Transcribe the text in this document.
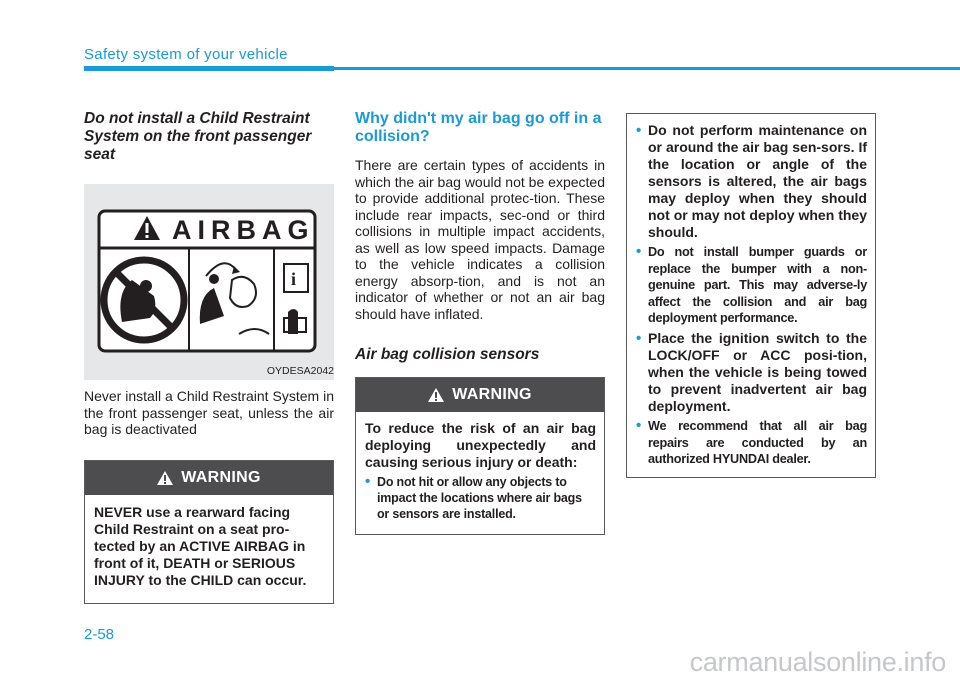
Safety system of your vehicle

Do not install a Child Restraint System on the front passenger seat

AIRBAG
i
OYDESA2042

Never install a Child Restraint System in the front passenger seat, unless the air bag is deactivated

WARNING
NEVER use a rearward facing Child Restraint on a seat pro-tected by an ACTIVE AIRBAG in front of it, DEATH or SERIOUS INJURY to the CHILD can occur.

Why didn't my air bag go off in a collision?

There are certain types of accidents in which the air bag would not be expected to provide additional protec-tion. These include rear impacts, sec-ond or third collisions in multiple impact accidents, as well as low speed impacts. Damage to the vehicle indicates a collision energy absorp-tion, and is not an indicator of whether or not an air bag should have inflated.

Air bag collision sensors

WARNING
To reduce the risk of an air bag deploying unexpectedly and causing serious injury or death:
• Do not hit or allow any objects to impact the locations where air bags or sensors are installed.
• Do not perform maintenance on or around the air bag sen-sors. If the location or angle of the sensors is altered, the air bags may deploy when they should not or may not deploy when they should.
• Do not install bumper guards or replace the bumper with a non-genuine part. This may adverse-ly affect the collision and air bag deployment performance.
• Place the ignition switch to the LOCK/OFF or ACC posi-tion, when the vehicle is being towed to prevent inadvertent air bag deployment.
• We recommend that all air bag repairs are conducted by an authorized HYUNDAI dealer.
2-58
carmanualsonline.info
